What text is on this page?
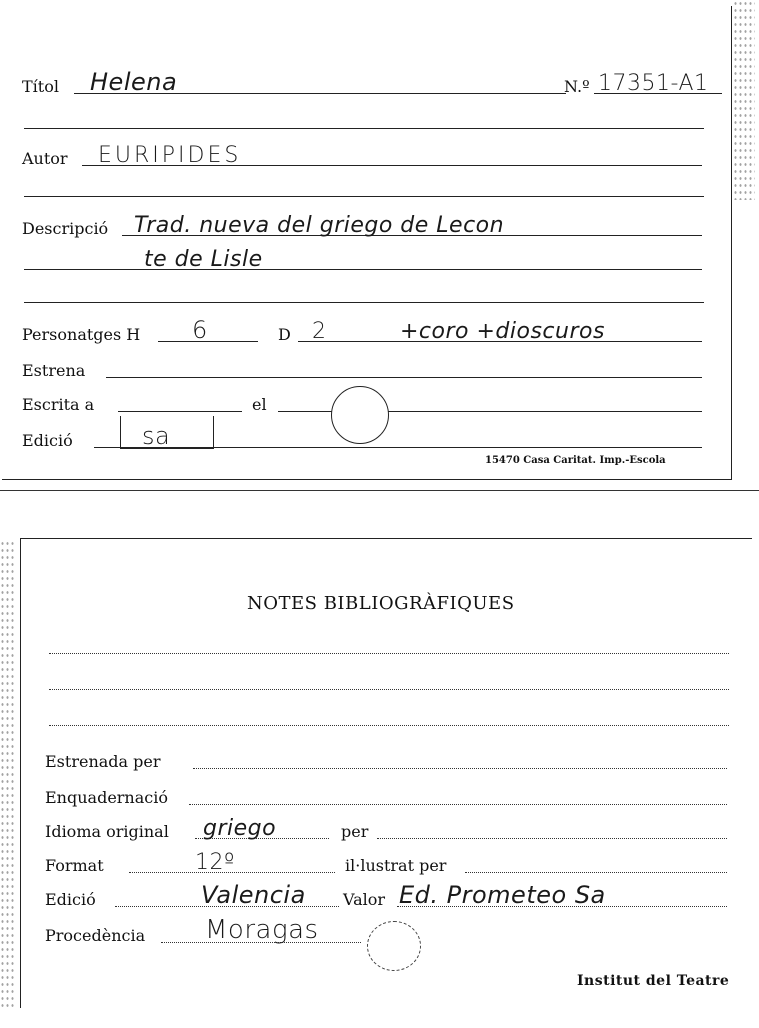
Títol Helena	N.º 17351-A1
Autor EURIPIDES
Descripció Trad. nueva del griego de Lecon
te de Lisle
Personatges H 6	D 2	+coro +dioscuros
Estrena
Escrita a	el
Edició	sa
15470 Casa Caritat. Imp.-Escola
NOTES BIBLIOGRÀFIQUES
Estrenada per
Enquadernació
Idioma original griego	per
Format	12º	il·lustrat per
Edició	Valencia Valor Ed. Prometeo Sa
Procedència Moragas
Institut del Teatre
